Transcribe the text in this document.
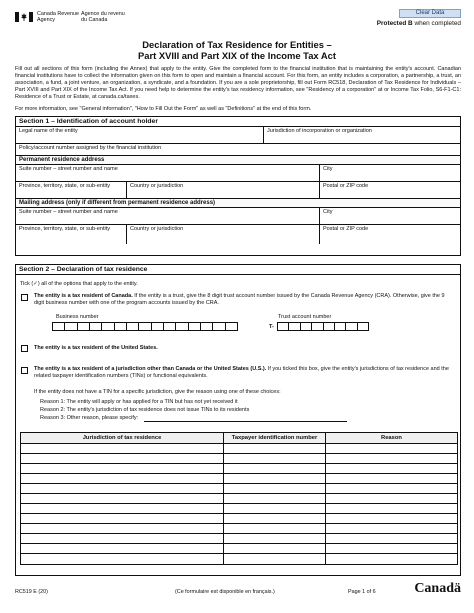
Canada Revenue
Agency
Agence du revenu
du Canada
Clear Data
Protected B when completed
Declaration of Tax Residence for Entities –
Part XVIII and Part XIX of the Income Tax Act
Fill out all sections of this form (including the Annex) that apply to the entity. Give the completed form to the financial institution that is maintaining the entity's account. Canadian financial institutions have to collect the information given on this form to open and maintain a financial account. For this form, an entity includes a corporation, a partnership, a trust, an association, a fund, a joint venture, an organization, a syndicate, and a foundation. If you are a sole proprietorship, fill out Form RC518, Declaration of Tax Residence for Individuals – Part XVIII and Part XIX of the Income Tax Act. If you need help to determine the entity's tax residency information, see "Residency of a corporation" at or Income Tax Folio, S6-F1-C1: Residence of a Trust or Estate, at canada.ca/taxes.
For more information, see "General information", "How to Fill Out the Form" as well as "Definitions" at the end of this form.
Section 1 – Identification of account holder
Legal name of the entity	Jurisdiction of incorporation or organization
Policy/account number assigned by the financial institution
Permanent residence address
Suite number – street number and name	City
Province, territory, state, or sub-entity	Country or jurisdiction	Postal or ZIP code
Mailing address (only if different from permanent residence address)
Suite number – street number and name	City
Province, territory, state, or sub-entity	Country or jurisdiction	Postal or ZIP code
Section 2 – Declaration of tax residence
Tick (✓) all of the options that apply to the entity.
The entity is a tax resident of Canada. If the entity is a trust, give the 8 digit trust account number issued by the Canada Revenue Agency (CRA). Otherwise, give the 9 digit business number with one of the program accounts issued by the CRA.
Business number	Trust account number
T-
The entity is a tax resident of the United States.
The entity is a tax resident of a jurisdiction other than Canada or the United States (U.S.). If you ticked this box, give the entity's jurisdictions of tax residence and the related taxpayer identification numbers (TINs) or functional equivalents.
If the entity does not have a TIN for a specific jurisdiction, give the reason using one of these choices:
Reason 1: The entity will apply or has applied for a TIN but has not yet received it
Reason 2: The entity's jurisdiction of tax residence does not issue TINs to its residents
Reason 3: Other reason, please specify:
Jurisdiction of tax residence	Taxpayer identification number	Reason
RC519 E (20)	(Ce formulaire est disponible en français.)	Page 1 of 6	Canadä
